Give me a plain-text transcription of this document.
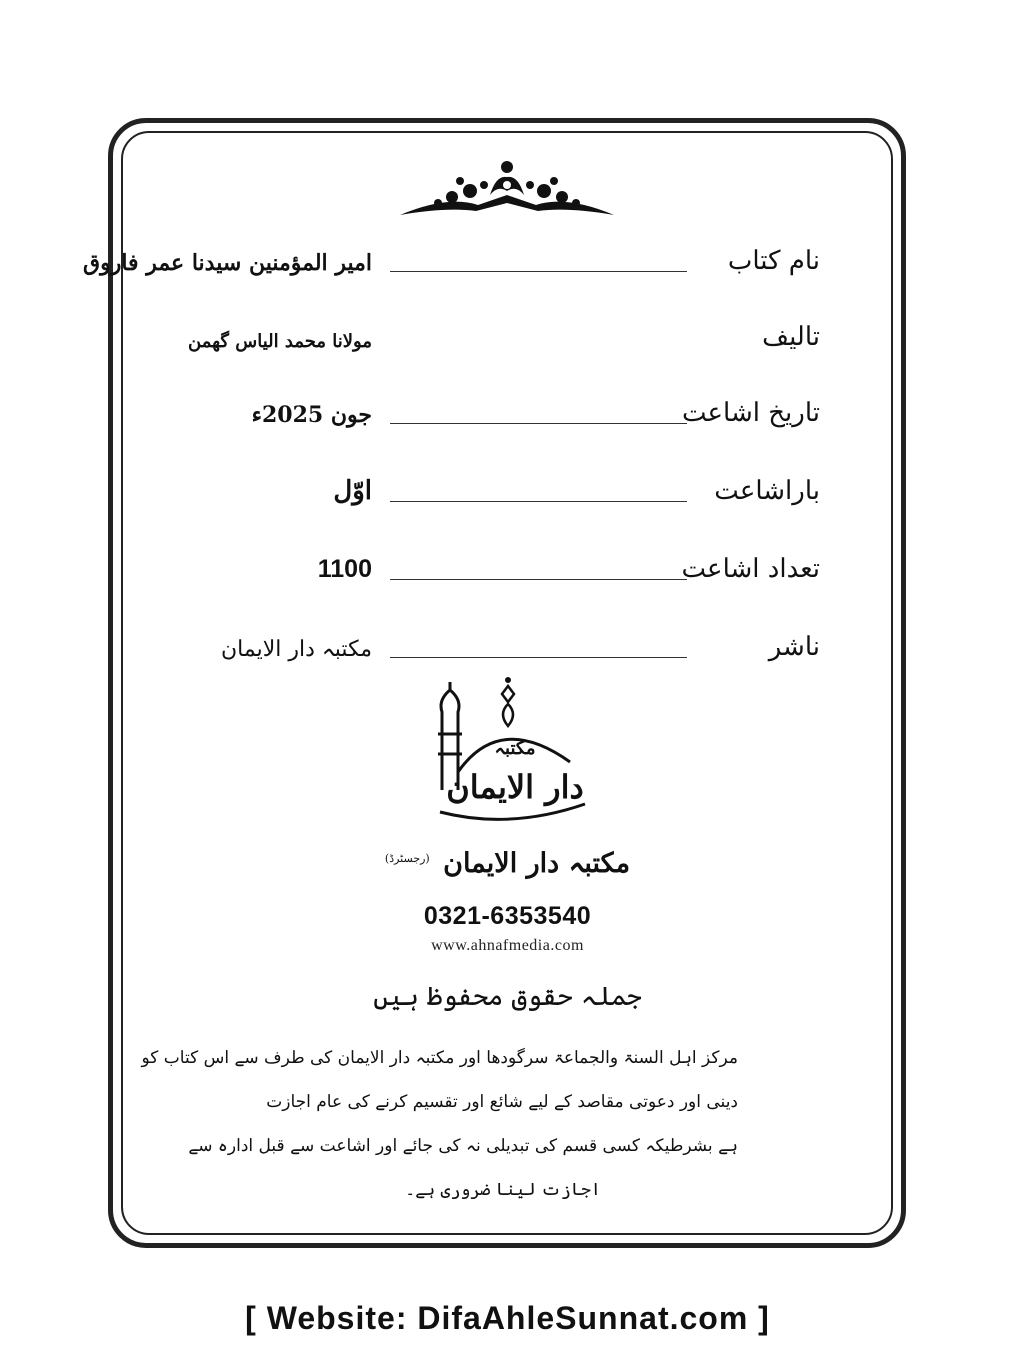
نام کتاب
امیر المؤمنین سیدنا عمر فاروق
تالیف
مولانا محمد الیاس گھمن
تاریخ اشاعت
جون 2025ء
باراشاعت
اوّل
تعداد اشاعت
1100
ناشر
مکتبہ دار الایمان
مکتبہ
دار الایمان
مکتبہ دار الایمان $^{(رجسٹرڈ)}$
0321-6353540
www.ahnafmedia.com
جملہ حقوق محفوظ ہیں
مرکز اہل السنۃ والجماعۃ سرگودھا اور مکتبہ دار الایمان کی طرف سے اس کتاب کو
دینی اور دعوتی مقاصد کے لیے شائع اور تقسیم کرنے کی عام اجازت
ہے بشرطیکہ کسی قسم کی تبدیلی نہ کی جائے اور اشاعت سے قبل ادارہ سے
اجازت لینا ضروری ہے۔
[ Website: DifaAhleSunnat.com ]
